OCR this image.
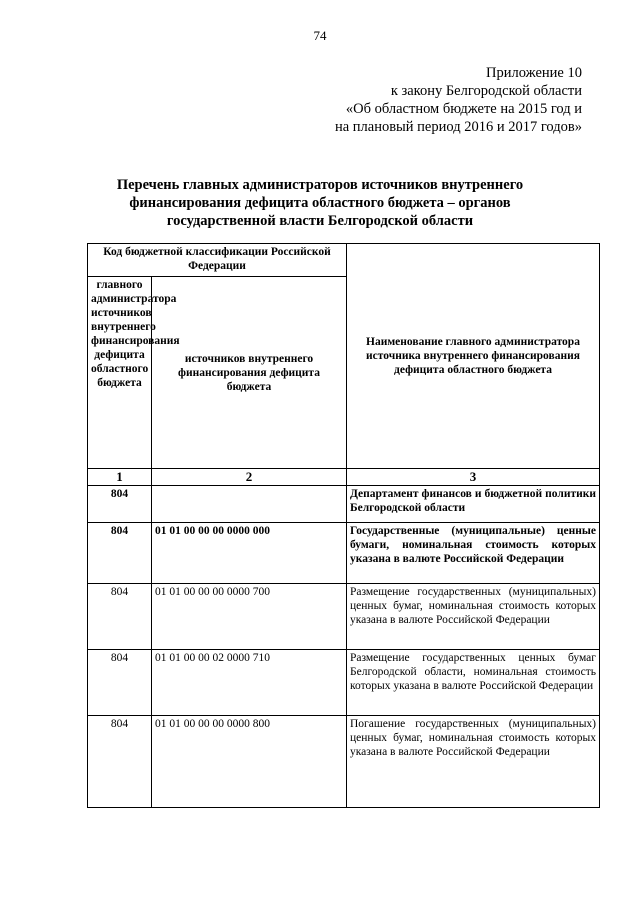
74
Приложение 10
к закону Белгородской области
«Об областном бюджете на 2015 год и
на плановый период 2016 и 2017 годов»
Перечень главных администраторов источников внутреннего
финансирования дефицита областного бюджета – органов
государственной власти Белгородской области
Код бюджетной классификации Российской Федерации		Наименование главного администратора источника внутреннего финансирования дефицита областного бюджета
главного администратора источников внутреннего финансирования дефицита областного бюджета	источников внутреннего финансирования дефицита бюджета	
1	2	3
804		Департамент финансов и бюджетной политики Белгородской области
804	01 01 00 00 00 0000 000	Государственные (муниципальные) ценные бумаги, номинальная стоимость которых указана в валюте Российской Федерации
804	01 01 00 00 00 0000 700	Размещение государственных (муниципальных) ценных бумаг, номинальная стоимость которых указана в валюте Российской Федерации
804	01 01 00 00 02 0000 710	Размещение государственных ценных бумаг Белгородской области, номинальная стоимость которых указана в валюте Российской Федерации
804	01 01 00 00 00 0000 800	Погашение государственных (муниципальных) ценных бумаг, номинальная стоимость которых указана в валюте Российской Федерации
